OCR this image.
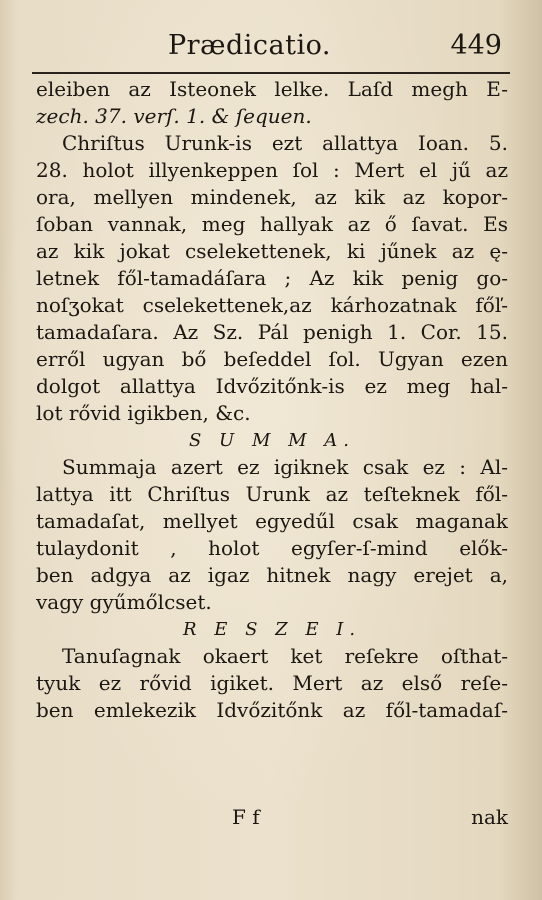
Prædicatio.	449
eleiben az Isteonek lelke. Laſd megh E-
zech. 37. verſ. 1. & ſequen.
Chriſtus Urunk-is ezt allattya Ioan. 5.
28. holot illyenkeppen ſol : Mert el jű az
ora, mellyen mindenek, az kik az kopor-
ſoban vannak, meg hallyak az ő ſavat. Es
az kik jokat cselekettenek, ki jűnek az ę-
letnek fől-tamadáſara ; Az kik penig go-
noſʒokat cselekettenek,az kárhozatnak főľ-
tamadaſara. Az Sz. Pál penigh 1. Cor. 15.
erről ugyan bő beſeddel ſol. Ugyan ezen
dolgot allattya Idvőzitőnk-is ez meg hal-
lot rővid igikben, &c.
S U M M A.
Summaja azert ez igiknek csak ez : Al-
lattya itt Chriſtus Urunk az teſteknek fől-
tamadaſat, mellyet egyedűl csak maganak
tulaydonit , holot egyſer-ſ-mind elők-
ben adgya az igaz hitnek nagy erejet a,
vagy gyűmőlcset.
R E S Z E I.
Tanuſagnak okaert ket reſekre oſthat-
tyuk ez rővid igiket. Mert az első reſe-
ben emlekezik Idvőzitőnk az fől-tamadaſ-
F f	nak
